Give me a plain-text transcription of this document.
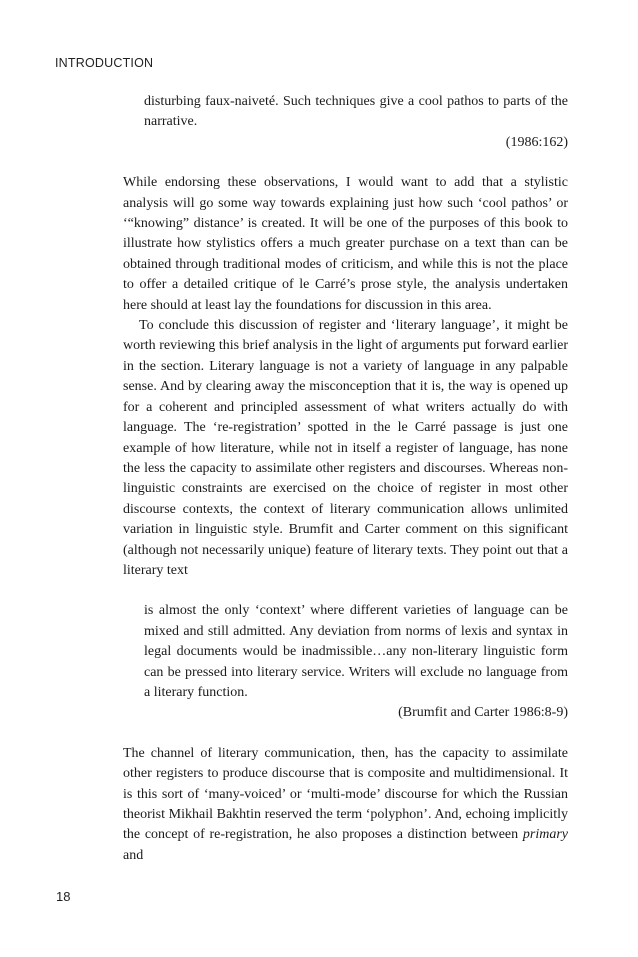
INTRODUCTION

disturbing faux-naiveté. Such techniques give a cool pathos to parts of the narrative.

(1986:162)

While endorsing these observations, I would want to add that a stylistic analysis will go some way towards explaining just how such ‘cool pathos’ or ‘“knowing” distance’ is created. It will be one of the purposes of this book to illustrate how stylistics offers a much greater purchase on a text than can be obtained through traditional modes of criticism, and while this is not the place to offer a detailed critique of le Carré’s prose style, the analysis undertaken here should at least lay the foundations for discussion in this area.

To conclude this discussion of register and ‘literary language’, it might be worth reviewing this brief analysis in the light of arguments put forward earlier in the section. Literary language is not a variety of language in any palpable sense. And by clearing away the misconception that it is, the way is opened up for a coherent and principled assessment of what writers actually do with language. The ‘re-registration’ spotted in the le Carré passage is just one example of how literature, while not in itself a register of language, has none the less the capacity to assimilate other registers and discourses. Whereas non-linguistic constraints are exercised on the choice of register in most other discourse contexts, the context of literary communication allows unlimited variation in linguistic style. Brumfit and Carter comment on this significant (although not necessarily unique) feature of literary texts. They point out that a literary text

is almost the only ‘context’ where different varieties of language can be mixed and still admitted. Any deviation from norms of lexis and syntax in legal documents would be inadmissible…any non-literary linguistic form can be pressed into literary service. Writers will exclude no language from a literary function.

(Brumfit and Carter 1986:8-9)

The channel of literary communication, then, has the capacity to assimilate other registers to produce discourse that is composite and multidimensional. It is this sort of ‘many-voiced’ or ‘multi-mode’ discourse for which the Russian theorist Mikhail Bakhtin reserved the term ‘polyphon’. And, echoing implicitly the concept of re-registration, he also proposes a distinction between primary and

18
